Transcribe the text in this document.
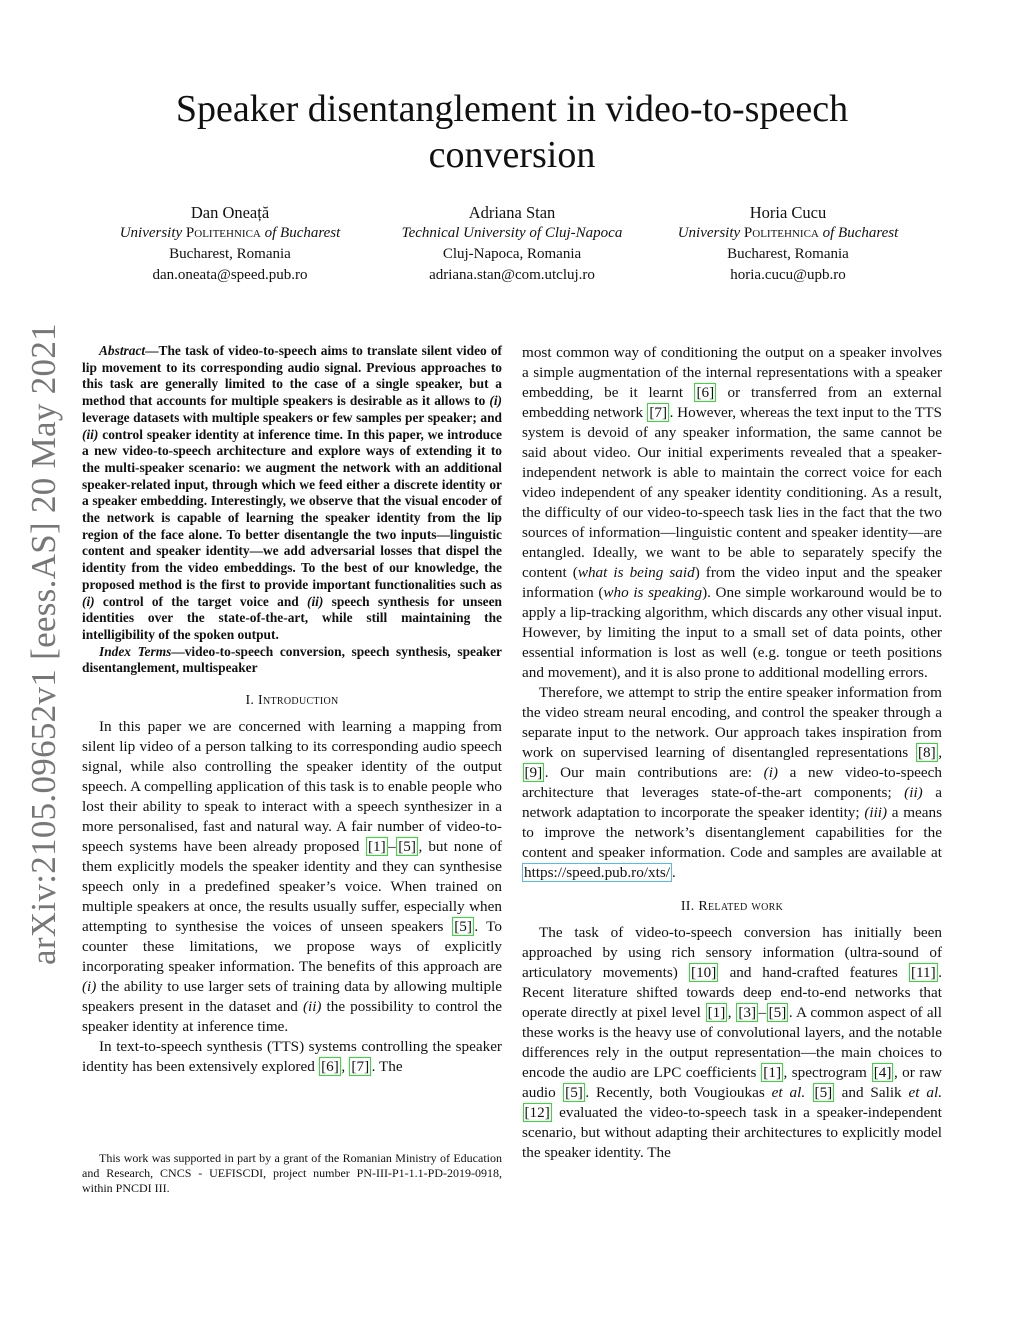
Speaker disentanglement in video-to-speech
conversion
Dan Oneață
University Politehnica of Bucharest
Bucharest, Romania
dan.oneata@speed.pub.ro
Adriana Stan
Technical University of Cluj-Napoca
Cluj-Napoca, Romania
adriana.stan@com.utcluj.ro
Horia Cucu
University Politehnica of Bucharest
Bucharest, Romania
horia.cucu@upb.ro
arXiv:2105.09652v1 [eess.AS] 20 May 2021	Abstract—The task of video-to-speech aims to translate silent video of lip movement to its corresponding audio signal. Previous approaches to this task are generally limited to the case of a single speaker, but a method that accounts for multiple speakers is desirable as it allows to (i) leverage datasets with multiple speakers or few samples per speaker; and (ii) control speaker identity at inference time. In this paper, we introduce a new video-to-speech architecture and explore ways of extending it to the multi-speaker scenario: we augment the network with an additional speaker-related input, through which we feed either a discrete identity or a speaker embedding. Interestingly, we observe that the visual encoder of the network is capable of learning the speaker identity from the lip region of the face alone. To better disentangle the two inputs—linguistic content and speaker identity—we add adversarial losses that dispel the identity from the video embeddings. To the best of our knowledge, the proposed method is the first to provide important functionalities such as (i) control of the target voice and (ii) speech synthesis for unseen identities over the state-of-the-art, while still maintaining the intelligibility of the spoken output.

Index Terms—video-to-speech conversion, speech synthesis, speaker disentanglement, multispeaker

I. Introduction

In this paper we are concerned with learning a mapping from silent lip video of a person talking to its corresponding audio speech signal, while also controlling the speaker identity of the output speech. A compelling application of this task is to enable people who lost their ability to speak to interact with a speech synthesizer in a more personalised, fast and natural way. A fair number of video-to-speech systems have been already proposed [1] – [5] , but none of them explicitly models the speaker identity and they can synthesise speech only in a predefined speaker’s voice. When trained on multiple speakers at once, the results usually suffer, especially when attempting to synthesise the voices of unseen speakers [5] . To counter these limitations, we propose ways of explicitly incorporating speaker information. The benefits of this approach are (i) the ability to use larger sets of training data by allowing multiple speakers present in the dataset and (ii) the possibility to control the speaker identity at inference time.

In text-to-speech synthesis (TTS) systems controlling the speaker identity has been extensively explored [6] , [7] . The

This work was supported in part by a grant of the Romanian Ministry of Education and Research, CNCS - UEFISCDI, project number PN-III-P1-1.1-PD-2019-0918, within PNCDI III.

most common way of conditioning the output on a speaker involves a simple augmentation of the internal representations with a speaker embedding, be it learnt [6] or transferred from an external embedding network [7] . However, whereas the text input to the TTS system is devoid of any speaker information, the same cannot be said about video. Our initial experiments revealed that a speaker-independent network is able to maintain the correct voice for each video independent of any speaker identity conditioning. As a result, the difficulty of our video-to-speech task lies in the fact that the two sources of information—linguistic content and speaker identity—are entangled. Ideally, we want to be able to separately specify the content (what is being said) from the video input and the speaker information (who is speaking). One simple workaround would be to apply a lip-tracking algorithm, which discards any other visual input. However, by limiting the input to a small set of data points, other essential information is lost as well (e.g. tongue or teeth positions and movement), and it is also prone to additional modelling errors.

Therefore, we attempt to strip the entire speaker information from the video stream neural encoding, and control the speaker through a separate input to the network. Our approach takes inspiration from work on supervised learning of disentangled representations [8] , [9] . Our main contributions are: (i) a new video-to-speech architecture that leverages state-of-the-art components; (ii) a network adaptation to incorporate the speaker identity; (iii) a means to improve the network’s disentanglement capabilities for the content and speaker information. Code and samples are available at https://speed.pub.ro/xts/ .

II. Related work

The task of video-to-speech conversion has initially been approached by using rich sensory information (ultra-sound of articulatory movements) [10] and hand-crafted features [11] . Recent literature shifted towards deep end-to-end networks that operate directly at pixel level [1] , [3] – [5] . A common aspect of all these works is the heavy use of convolutional layers, and the notable differences rely in the output representation—the main choices to encode the audio are LPC coefficients [1] , spectrogram [4] , or raw audio [5] . Recently, both Vougioukas et al. [5] and Salik et al. [12] evaluated the video-to-speech task in a speaker-independent scenario, but without adapting their architectures to explicitly model the speaker identity. The
